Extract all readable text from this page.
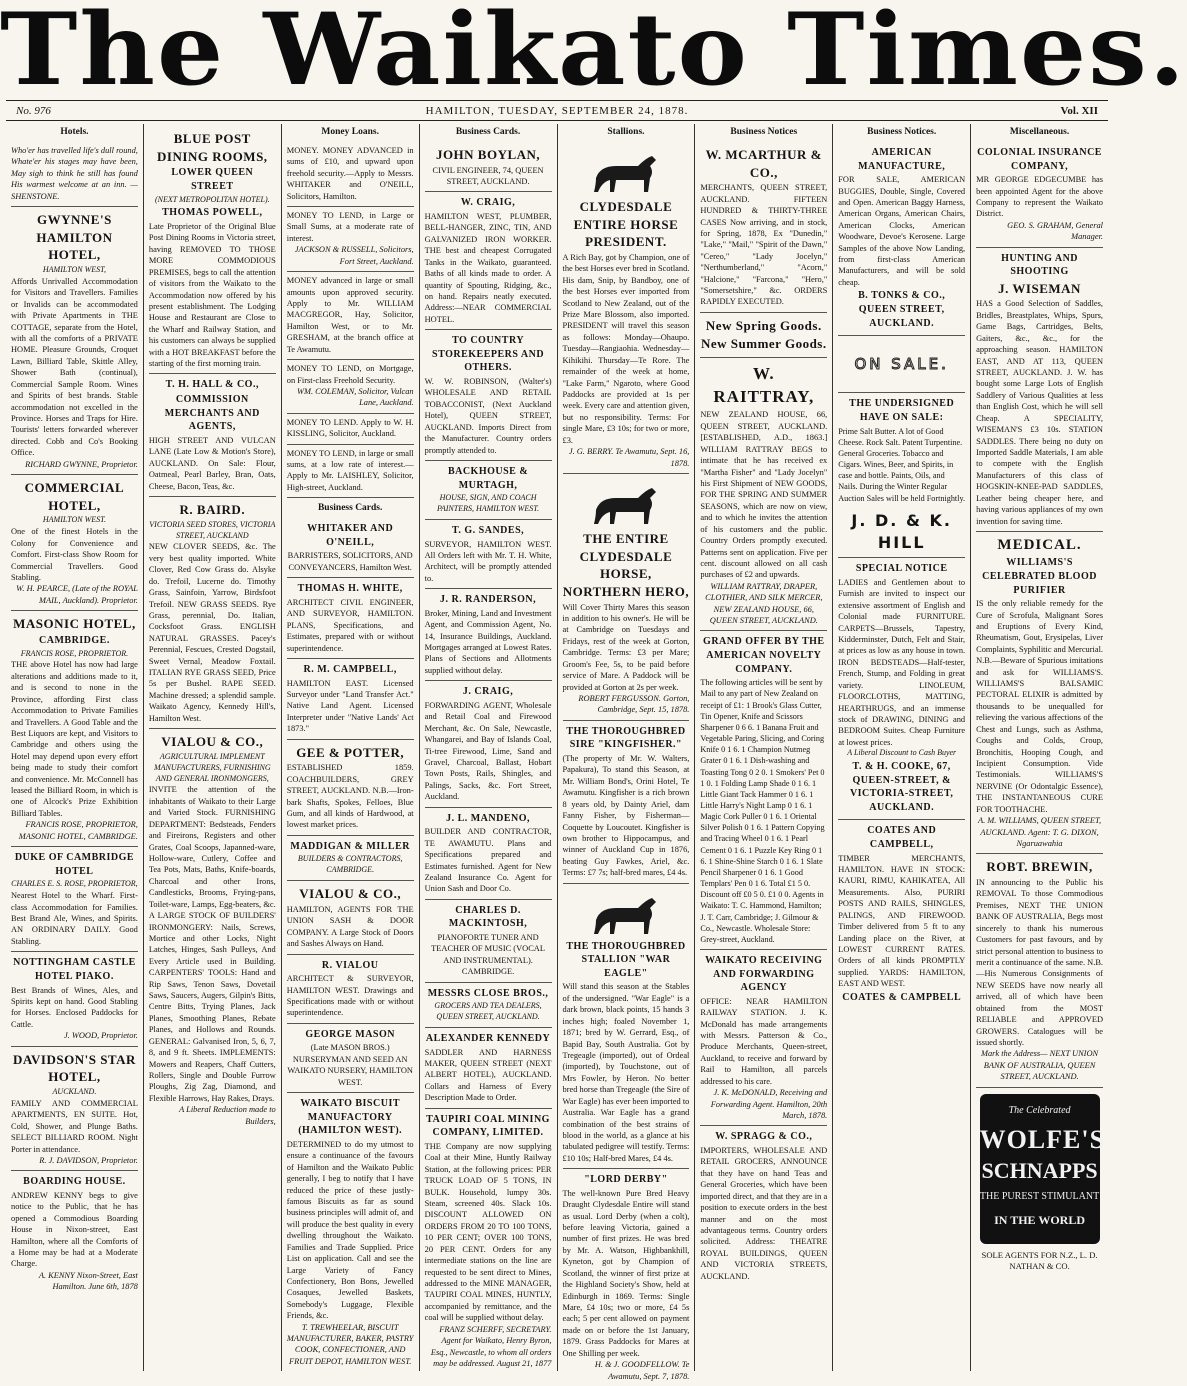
The Waikato Times.
No. 976	HAMILTON, TUESDAY, SEPTEMBER 24, 1878.	Vol. XII
Hotels.
Who'er has travelled life's dull round, Whate'er his stages may have been, May sigh to think he still has found His warmest welcome at an inn. —SHENSTONE.
GWYNNE'S HAMILTON HOTEL,
HAMILTON WEST,
Affords Unrivalled Accommodation for Visitors and Travellers. Families or Invalids can be accommodated with Private Apartments in THE COTTAGE, separate from the Hotel, with all the comforts of a PRIVATE HOME. Pleasure Grounds, Croquet Lawn, Billiard Table, Skittle Alley, Shower Bath (continual), Commercial Sample Room. Wines and Spirits of best brands. Stable accommodation not excelled in the Province. Horses and Traps for Hire. Tourists' letters forwarded wherever directed. Cobb and Co's Booking Office.
RICHARD GWYNNE, Proprietor.
COMMERCIAL HOTEL,
HAMILTON WEST.
One of the finest Hotels in the Colony for Convenience and Comfort. First-class Show Room for Commercial Travellers. Good Stabling.
W. H. PEARCE, (Late of the ROYAL MAIL, Auckland). Proprietor.
MASONIC HOTEL,
CAMBRIDGE.
FRANCIS ROSE, PROPRIETOR.
THE above Hotel has now had large alterations and additions made to it, and is second to none in the Province, affording First class Accommodation to Private Families and Travellers. A Good Table and the Best Liquors are kept, and Visitors to Cambridge and others using the Hotel may depend upon every effort being made to study their comfort and convenience. Mr. McConnell has leased the Billiard Room, in which is one of Alcock's Prize Exhibition Billiard Tables.
FRANCIS ROSE, PROPRIETOR, MASONIC HOTEL, CAMBRIDGE.
DUKE OF CAMBRIDGE HOTEL
CHARLES E. S. ROSE, PROPRIETOR,
Nearest Hotel to the Wharf. First-class Accommodation for Families. Best Brand Ale, Wines, and Spirits. AN ORDINARY DAILY. Good Stabling.
NOTTINGHAM CASTLE HOTEL PIAKO.
Best Brands of Wines, Ales, and Spirits kept on hand. Good Stabling for Horses. Enclosed Paddocks for Cattle.
J. WOOD, Proprietor.
DAVIDSON'S STAR HOTEL,
AUCKLAND.
FAMILY AND COMMERCIAL APARTMENTS, EN SUITE. Hot, Cold, Shower, and Plunge Baths. SELECT BILLIARD ROOM. Night Porter in attendance.
R. J. DAVIDSON, Proprietor.
BOARDING HOUSE.
ANDREW KENNY begs to give notice to the Public, that he has opened a Commodious Boarding House in Nixon-street, East Hamilton, where all the Comforts of a Home may be had at a Moderate Charge.
A. KENNY Nixon-Street, East Hamilton. June 6th, 1878
BLUE POST DINING ROOMS,
LOWER QUEEN STREET
(NEXT METROPOLITAN HOTEL).
THOMAS POWELL,
Late Proprietor of the Original Blue Post Dining Rooms in Victoria street, having REMOVED TO THOSE MORE COMMODIOUS PREMISES, begs to call the attention of visitors from the Waikato to the Accommodation now offered by his present establishment. The Lodging House and Restaurant are Close to the Wharf and Railway Station, and his customers can always be supplied with a HOT BREAKFAST before the starting of the first morning train.
T. H. HALL & CO.,
COMMISSION MERCHANTS AND AGENTS,
HIGH STREET AND VULCAN LANE (Late Low & Motion's Store), AUCKLAND. On Sale: Flour, Oatmeal, Pearl Barley, Bran, Oats, Cheese, Bacon, Teas, &c.
R. BAIRD.
VICTORIA SEED STORES, VICTORIA STREET, AUCKLAND
NEW CLOVER SEEDS, &c. The very best quality imported. White Clover, Red Cow Grass do. Alsyke do. Trefoil, Lucerne do. Timothy Grass, Sainfoin, Yarrow, Birdsfoot Trefoil. NEW GRASS SEEDS. Rye Grass, perennial, Do. Italian, Cocksfoot Grass. ENGLISH NATURAL GRASSES. Pacey's Perennial, Fescues, Crested Dogstail, Sweet Vernal, Meadow Foxtail. ITALIAN RYE GRASS SEED, Price 5s per Bushel. RAPE SEED. Machine dressed; a splendid sample. Waikato Agency, Kennedy Hill's, Hamilton West.
VIALOU & CO.,
AGRICULTURAL IMPLEMENT MANUFACTURERS, FURNISHING AND GENERAL IRONMONGERS,
INVITE the attention of the inhabitants of Waikato to their Large and Varied Stock. FURNISHING DEPARTMENT: Bedsteads, Fenders and Fireirons, Registers and other Grates, Coal Scoops, Japanned-ware, Hollow-ware, Cutlery, Coffee and Tea Pots, Mats, Baths, Knife-boards, Charcoal and other Irons, Candlesticks, Brooms, Frying-pans, Toilet-ware, Lamps, Egg-beaters, &c. A LARGE STOCK OF BUILDERS' IRONMONGERY: Nails, Screws, Mortice and other Locks, Night Latches, Hinges, Sash Pulleys, And Every Article used in Building. CARPENTERS' TOOLS: Hand and Rip Saws, Tenon Saws, Dovetail Saws, Saucers, Augers, Gilpin's Bitts, Centre Bitts, Trying Planes, Jack Planes, Smoothing Planes, Rebate Planes, and Hollows and Rounds. GENERAL: Galvanised Iron, 5, 6, 7, 8, and 9 ft. Sheets. IMPLEMENTS: Mowers and Reapers, Chaff Cutters, Rollers, Single and Double Furrow Ploughs, Zig Zag, Diamond, and Flexible Harrows, Hay Rakes, Drays.
A Liberal Reduction made to Builders,
Money Loans.
MONEY. MONEY ADVANCED in sums of £10, and upward upon freehold security.—Apply to Messrs. WHITAKER and O'NEILL, Solicitors, Hamilton.
MONEY TO LEND, in Large or Small Sums, at a moderate rate of interest.
JACKSON & RUSSELL, Solicitors, Fort Street, Auckland.
MONEY advanced in large or small amounts upon approved security. Apply to Mr. WILLIAM MACGREGOR, Hay, Solicitor, Hamilton West, or to Mr. GRESHAM, at the branch office at Te Awamutu.
MONEY TO LEND, on Mortgage, on First-class Freehold Security.
WM. COLEMAN, Solicitor, Vulcan Lane, Auckland.
MONEY TO LEND. Apply to W. H. KISSLING, Solicitor, Auckland.
MONEY TO LEND, in large or small sums, at a low rate of interest.—Apply to Mr. LAISHLEY, Solicitor, High-street, Auckland.
Business Cards.
WHITAKER AND O'NEILL,
BARRISTERS, SOLICITORS, AND CONVEYANCERS, Hamilton West.
THOMAS H. WHITE,
ARCHITECT CIVIL ENGINEER, AND SURVEYOR, HAMILTON. PLANS, Specifications, and Estimates, prepared with or without superintendence.
R. M. CAMPBELL,
HAMILTON EAST. Licensed Surveyor under "Land Transfer Act." Native Land Agent. Licensed Interpreter under "Native Lands' Act 1873."
GEE & POTTER,
ESTABLISHED 1859. COACHBUILDERS, GREY STREET, AUCKLAND. N.B.—Iron-bark Shafts, Spokes, Felloes, Blue Gum, and all kinds of Hardwood, at lowest market prices.
MADDIGAN & MILLER
BUILDERS & CONTRACTORS, CAMBRIDGE.
VIALOU & CO.,
HAMILTON, AGENTS FOR THE UNION SASH & DOOR COMPANY. A Large Stock of Doors and Sashes Always on Hand.
R. VIALOU
ARCHITECT & SURVEYOR, HAMILTON WEST. Drawings and Specifications made with or without superintendence.
GEORGE MASON
(Late MASON BROS.) NURSERYMAN AND SEED AN WAIKATO NURSERY, HAMILTON WEST.
WAIKATO BISCUIT MANUFACTORY (HAMILTON WEST).
DETERMINED to do my utmost to ensure a continuance of the favours of Hamilton and the Waikato Public generally, I beg to notify that I have reduced the price of these justly-famous Biscuits as far as sound business principles will admit of, and will produce the best quality in every dwelling throughout the Waikato. Families and Trade Supplied. Price List on application. Call and see the Large Variety of Fancy Confectionery, Bon Bons, Jewelled Cosaques, Jewelled Baskets, Somebody's Luggage, Flexible Friends, &c.
T. TREWHEELAR, BISCUIT MANUFACTURER, BAKER, PASTRY COOK, CONFECTIONER, AND FRUIT DEPOT, HAMILTON WEST.
Business Cards.
JOHN BOYLAN,
CIVIL ENGINEER, 74, QUEEN STREET, AUCKLAND.
W. CRAIG,
HAMILTON WEST, PLUMBER, BELL-HANGER, ZINC, TIN, AND GALVANIZED IRON WORKER. THE best and cheapest Corrugated Tanks in the Waikato, guaranteed. Baths of all kinds made to order. A quantity of Spouting, Ridging, &c., on hand. Repairs neatly executed. Address:—NEAR COMMERCIAL HOTEL.
TO COUNTRY STOREKEEPERS AND OTHERS.
W. W. ROBINSON, (Walter's) WHOLESALE AND RETAIL TOBACCONIST, (Next Auckland Hotel), QUEEN STREET, AUCKLAND. Imports Direct from the Manufacturer. Country orders promptly attended to.
BACKHOUSE & MURTAGH,
HOUSE, SIGN, AND COACH PAINTERS, HAMILTON WEST.
T. G. SANDES,
SURVEYOR, HAMILTON WEST. All Orders left with Mr. T. H. White, Architect, will be promptly attended to.
J. R. RANDERSON,
Broker, Mining, Land and Investment Agent, and Commission Agent, No. 14, Insurance Buildings, Auckland. Mortgages arranged at Lowest Rates. Plans of Sections and Allotments supplied without delay.
J. CRAIG,
FORWARDING AGENT, Wholesale and Retail Coal and Firewood Merchant, &c. On Sale, Newcastle, Whangarei, and Bay of Islands Coal, Ti-tree Firewood, Lime, Sand and Gravel, Charcoal, Ballast, Hobart Town Posts, Rails, Shingles, and Palings, Sacks, &c. Fort Street, Auckland.
J. L. MANDENO,
BUILDER AND CONTRACTOR, TE AWAMUTU. Plans and Specifications prepared and Estimates furnished. Agent for New Zealand Insurance Co. Agent for Union Sash and Door Co.
CHARLES D. MACKINTOSH,
PIANOFORTE TUNER AND TEACHER OF MUSIC (VOCAL AND INSTRUMENTAL). CAMBRIDGE.
MESSRS CLOSE BROS.,
GROCERS AND TEA DEALERS, QUEEN STREET, AUCKLAND.
ALEXANDER KENNEDY
SADDLER AND HARNESS MAKER, QUEEN STREET (NEXT ALBERT HOTEL), AUCKLAND. Collars and Harness of Every Description Made to Order.
TAUPIRI COAL MINING COMPANY, LIMITED.
THE Company are now supplying Coal at their Mine, Huntly Railway Station, at the following prices: PER TRUCK LOAD OF 5 TONS, IN BULK. Household, lumpy 30s. Steam, screened 40s. Slack 10s. DISCOUNT ALLOWED ON ORDERS FROM 20 TO 100 TONS, 10 PER CENT; OVER 100 TONS, 20 PER CENT. Orders for any intermediate stations on the line are requested to be sent direct to Mines, addressed to the MINE MANAGER, TAUPIRI COAL MINES, HUNTLY, accompanied by remittance, and the coal will be supplied without delay.
FRANZ SCHERFF, SECRETARY. Agent for Waikato, Henry Byron, Esq., Newcastle, to whom all orders may be addressed. August 21, 1877
Stallions.
CLYDESDALE ENTIRE HORSE PRESIDENT.
A Rich Bay, got by Champion, one of the best Horses ever bred in Scotland. His dam, Snip, by Bandboy, one of the best Horses ever imported from Scotland to New Zealand, out of the Prize Mare Blossom, also imported. PRESIDENT will travel this season as follows: Monday—Ohaupo. Tuesday—Rangiaohia. Wednesday—Kihikihi. Thursday—Te Rore. The remainder of the week at home, "Lake Farm," Ngaroto, where Good Paddocks are provided at 1s per week. Every care and attention given, but no responsibility. Terms: For single Mare, £3 10s; for two or more, £3.
J. G. BERRY. Te Awamutu, Sept. 16, 1878.
THE ENTIRE CLYDESDALE HORSE, NORTHERN HERO,
Will Cover Thirty Mares this season in addition to his owner's. He will be at Cambridge on Tuesdays and Fridays, rest of the week at Gorton, Cambridge. Terms: £3 per Mare; Groom's Fee, 5s, to be paid before service of Mare. A Paddock will be provided at Gorton at 2s per week.
ROBERT FERGUSSON. Gorton, Cambridge, Sept. 15, 1878.
THE THOROUGHBRED SIRE "KINGFISHER."
(The property of Mr. W. Walters, Papakura), To stand this Season, at Mr. William Bond's, Orini Hotel, Te Awamutu. Kingfisher is a rich brown 8 years old, by Dainty Ariel, dam Fanny Fisher, by Fisherman—Coquette by Loucoutet. Kingfisher is own brother to Hippocampus, and winner of Auckland Cup in 1876, beating Guy Fawkes, Ariel, &c. Terms: £7 7s; half-bred mares, £4 4s.
THE THOROUGHBRED STALLION "WAR EAGLE"
Will stand this season at the Stables of the undersigned. "War Eagle" is a dark brown, black points, 15 hands 3 inches high; foaled November 1, 1871; bred by W. Gerrard, Esq., of Bapid Bay, South Australia. Got by Tregeagle (imported), out of Ordeal (imported), by Touchstone, out of Mrs Fowler, by Heron. No better bred horse than Tregeagle (the Sire of War Eagle) has ever been imported to Australia. War Eagle has a grand combination of the best strains of blood in the world, as a glance at his tabulated pedigree will testify. Terms: £10 10s; Half-bred Mares, £4 4s.
"LORD DERBY"
The well-known Pure Bred Heavy Draught Clydesdale Entire will stand as usual. Lord Derby (when a colt), before leaving Victoria, gained a number of first prizes. He was bred by Mr. A. Watson, Highbankhill, Kyneton, got by Champion of Scotland, the winner of first prize at the Highland Society's Show, held at Edinburgh in 1869. Terms: Single Mare, £4 10s; two or more, £4 5s each; 5 per cent allowed on payment made on or before the 1st January, 1879. Grass Paddocks for Mares at One Shilling per week.
H. & J. GOODFELLOW. Te Awamutu, Sept. 7, 1878.
Business Notices
W. MCARTHUR & CO.,
MERCHANTS, QUEEN STREET, AUCKLAND. FIFTEEN HUNDRED & THIRTY-THREE CASES Now arriving, and in stock, for Spring, 1878, Ex "Dunedin," "Lake," "Mail," "Spirit of the Dawn," "Cereo," "Lady Jocelyn," "Nerthumberland," "Acorn," "Halcione," "Farcona," "Hero," "Somersetshire," &c. ORDERS RAPIDLY EXECUTED.
New Spring Goods. New Summer Goods.
W. RAITTRAY,
NEW ZEALAND HOUSE, 66, QUEEN STREET, AUCKLAND. [ESTABLISHED, A.D., 1863.] WILLIAM RATTRAY BEGS to intimate that he has received ex "Martha Fisher" and "Lady Jocelyn" his First Shipment of NEW GOODS, FOR THE SPRING AND SUMMER SEASONS, which are now on view, and to which he invites the attention of his customers and the public. Country Orders promptly executed. Patterns sent on application. Five per cent. discount allowed on all cash purchases of £2 and upwards.
WILLIAM RATTRAY, DRAPER, CLOTHIER, AND SILK MERCER, NEW ZEALAND HOUSE, 66, QUEEN STREET, AUCKLAND.
GRAND OFFER BY THE AMERICAN NOVELTY COMPANY.
The following articles will be sent by Mail to any part of New Zealand on receipt of £1: 1 Brook's Glass Cutter, Tin Opener, Knife and Scissors Sharpener 0 6 6. 1 Banana Fruit and Vegetable Paring, Slicing, and Coring Knife 0 1 6. 1 Champion Nutmeg Grater 0 1 6. 1 Dish-washing and Toasting Tong 0 2 0. 1 Smokers' Pet 0 1 0. 1 Folding Lamp Shade 0 1 6. 1 Little Giant Tack Hammer 0 1 6. 1 Little Harry's Night Lamp 0 1 6. 1 Magic Cork Puller 0 1 6. 1 Oriental Silver Polish 0 1 6. 1 Pattern Copying and Tracing Wheel 0 1 6. 1 Pearl Cement 0 1 6. 1 Puzzle Key Ring 0 1 6. 1 Shine-Shine Starch 0 1 6. 1 Slate Pencil Sharpener 0 1 6. 1 Good Templars' Pen 0 1 6. Total £1 5 0. Discount off £0 5 0. £1 0 0. Agents in Waikato: T. C. Hammond, Hamilton; J. T. Carr, Cambridge; J. Gilmour & Co., Newcastle. Wholesale Store: Grey-street, Auckland.
WAIKATO RECEIVING AND FORWARDING AGENCY
OFFICE: NEAR HAMILTON RAILWAY STATION. J. K. McDonald has made arrangements with Messrs. Patterson & Co., Produce Merchants, Queen-street, Auckland, to receive and forward by Rail to Hamilton, all parcels addressed to his care.
J. K. McDONALD, Receiving and Forwarding Agent. Hamilton, 20th March, 1878.
W. SPRAGG & CO.,
IMPORTERS, WHOLESALE AND RETAIL GROCERS, ANNOUNCE that they have on hand Teas and General Groceries, which have been imported direct, and that they are in a position to execute orders in the best manner and on the most advantageous terms. Country orders solicited. Address: THEATRE ROYAL BUILDINGS, QUEEN AND VICTORIA STREETS, AUCKLAND.
Business Notices.
AMERICAN MANUFACTURE,
FOR SALE, AMERICAN BUGGIES, Double, Single, Covered and Open. American Baggy Harness, American Organs, American Chairs, American Clocks, American Woodware, Devoe's Kerosene. Large Samples of the above Now Landing, from first-class American Manufacturers, and will be sold cheap.
B. TONKS & CO., QUEEN STREET, AUCKLAND.
ON SALE.
THE UNDERSIGNED HAVE ON SALE:
Prime Salt Butter. A lot of Good Cheese. Rock Salt. Patent Turpentine. General Groceries. Tobacco and Cigars. Wines, Beer, and Spirits, in case and bottle. Paints, Oils, and Nails. During the Winter Regular Auction Sales will be held Fortnightly.
J. D. & K. HILL
SPECIAL NOTICE
LADIES and Gentlemen about to Furnish are invited to inspect our extensive assortment of English and Colonial made FURNITURE. CARPETS—Brussels, Tapestry, Kidderminster, Dutch, Felt and Stair, at prices as low as any house in town. IRON BEDSTEADS—Half-tester, French, Stump, and Folding in great variety. LINOLEUM, FLOORCLOTHS, MATTING, HEARTHRUGS, and an immense stock of DRAWING, DINING and BEDROOM Suites. Cheap Furniture at lowest prices.
A Liberal Discount to Cash Buyer
T. & H. COOKE, 67, QUEEN-STREET, & VICTORIA-STREET, AUCKLAND.
COATES AND CAMPBELL,
TIMBER MERCHANTS, HAMILTON. HAVE IN STOCK: KAURI, RIMU, KAHIKATEA, All Measurements. Also, PURIRI POSTS AND RAILS, SHINGLES, PALINGS, AND FIREWOOD. Timber delivered from 5 ft to any Landing place on the River, at LOWEST CURRENT RATES. Orders of all kinds PROMPTLY supplied. YARDS: HAMILTON, EAST AND WEST.
COATES & CAMPBELL
Miscellaneous.
COLONIAL INSURANCE COMPANY,
MR GEORGE EDGECUMBE has been appointed Agent for the above Company to represent the Waikato District.
GEO. S. GRAHAM, General Manager.
HUNTING AND SHOOTING
J. WISEMAN
HAS a Good Selection of Saddles, Bridles, Breastplates, Whips, Spurs, Game Bags, Cartridges, Belts, Gaiters, &c., &c., for the approaching season. HAMILTON EAST, AND AT 113, QUEEN STREET, AUCKLAND. J. W. has bought some Large Lots of English Saddlery of Various Qualities at less than English Cost, which he will sell Cheap. A SPECIALITY, WISEMAN'S £3 10s. STATION SADDLES. There being no duty on Imported Saddle Materials, I am able to compete with the English Manufacturers of this class of HOGSKIN-KNEE-PAD SADDLES, Leather being cheaper here, and having various appliances of my own invention for saving time.
MEDICAL.
WILLIAMS'S CELEBRATED BLOOD PURIFIER
IS the only reliable remedy for the Cure of Scrofula, Malignant Sores and Eruptions of Every Kind, Rheumatism, Gout, Erysipelas, Liver Complaints, Syphilitic and Mercurial. N.B.—Beware of Spurious imitations and ask for WILLIAMS'S. WILLIAMS'S BALSAMIC PECTORAL ELIXIR is admitted by thousands to be unequalled for relieving the various affections of the Chest and Lungs, such as Asthma, Coughs and Colds, Croup, Bronchitis, Hooping Cough, and Incipient Consumption. Vide Testimonials. WILLIAMS'S NERVINE (Or Odontalgic Essence), THE INSTANTANEOUS CURE FOR TOOTHACHE.
A. M. WILLIAMS, QUEEN STREET, AUCKLAND. Agent: T. G. DIXON, Ngaruawahia
ROBT. BREWIN,
IN announcing to the Public his REMOVAL To those Commodious Premises, NEXT THE UNION BANK OF AUSTRALIA, Begs most sincerely to thank his numerous Customers for past favours, and by strict personal attention to business to merit a continuance of the same. N.B.—His Numerous Consignments of NEW SEEDS have now nearly all arrived, all of which have been obtained from the MOST RELIABLE and APPROVED GROWERS. Catalogues will be issued shortly.
Mark the Address— NEXT UNION BANK OF AUSTRALIA, QUEEN STREET, AUCKLAND.
The Celebrated
WOLFE'S
SCHNAPPS
THE PUREST STIMULANT
IN THE WORLD
SOLE AGENTS FOR N.Z., L. D. NATHAN & CO.
